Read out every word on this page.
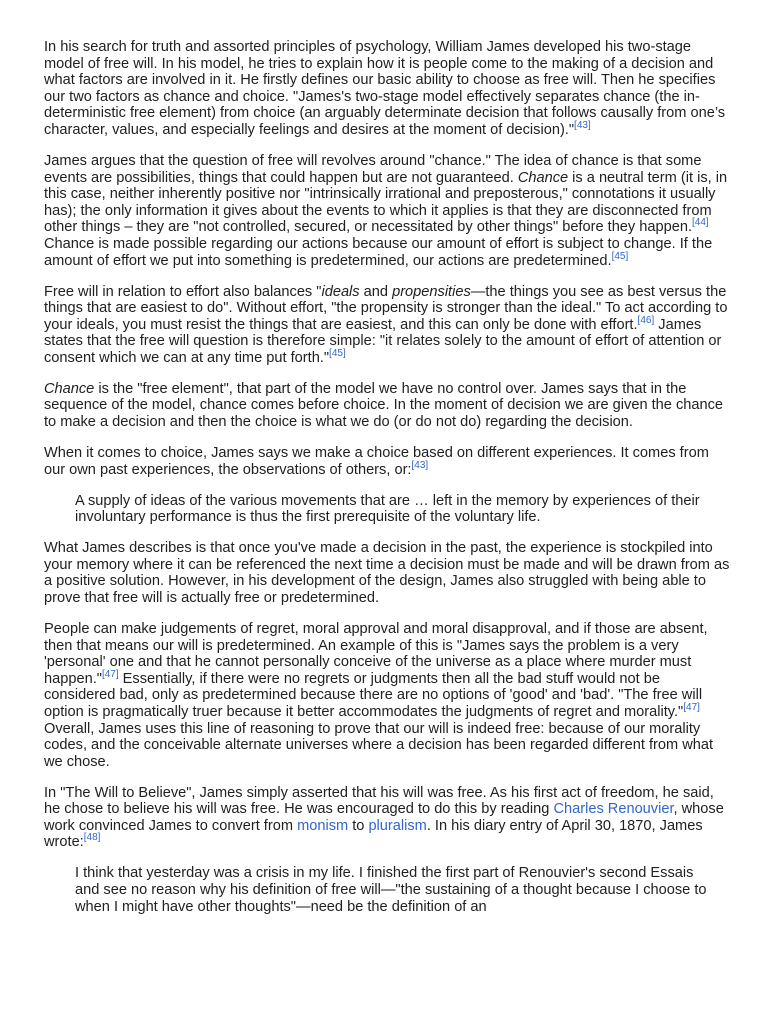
In his search for truth and assorted principles of psychology, William James developed his two-stage model of free will. In his model, he tries to explain how it is people come to the making of a decision and what factors are involved in it. He firstly defines our basic ability to choose as free will. Then he specifies our two factors as chance and choice. "James's two-stage model effectively separates chance (the in-deterministic free element) from choice (an arguably determinate decision that follows causally from one’s character, values, and especially feelings and desires at the moment of decision)."[43]

James argues that the question of free will revolves around "chance." The idea of chance is that some events are possibilities, things that could happen but are not guaranteed. Chance is a neutral term (it is, in this case, neither inherently positive nor "intrinsically irrational and preposterous," connotations it usually has); the only information it gives about the events to which it applies is that they are disconnected from other things – they are "not controlled, secured, or necessitated by other things" before they happen.[44] Chance is made possible regarding our actions because our amount of effort is subject to change. If the amount of effort we put into something is predetermined, our actions are predetermined.[45]

Free will in relation to effort also balances "ideals and propensities—the things you see as best versus the things that are easiest to do". Without effort, "the propensity is stronger than the ideal." To act according to your ideals, you must resist the things that are easiest, and this can only be done with effort.[46] James states that the free will question is therefore simple: "it relates solely to the amount of effort of attention or consent which we can at any time put forth."[45]

Chance is the "free element", that part of the model we have no control over. James says that in the sequence of the model, chance comes before choice. In the moment of decision we are given the chance to make a decision and then the choice is what we do (or do not do) regarding the decision.

When it comes to choice, James says we make a choice based on different experiences. It comes from our own past experiences, the observations of others, or:[43]

A supply of ideas of the various movements that are … left in the memory by experiences of their involuntary performance is thus the first prerequisite of the voluntary life.

What James describes is that once you've made a decision in the past, the experience is stockpiled into your memory where it can be referenced the next time a decision must be made and will be drawn from as a positive solution. However, in his development of the design, James also struggled with being able to prove that free will is actually free or predetermined.

People can make judgements of regret, moral approval and moral disapproval, and if those are absent, then that means our will is predetermined. An example of this is "James says the problem is a very 'personal' one and that he cannot personally conceive of the universe as a place where murder must happen."[47] Essentially, if there were no regrets or judgments then all the bad stuff would not be considered bad, only as predetermined because there are no options of 'good' and 'bad'. "The free will option is pragmatically truer because it better accommodates the judgments of regret and morality."[47] Overall, James uses this line of reasoning to prove that our will is indeed free: because of our morality codes, and the conceivable alternate universes where a decision has been regarded different from what we chose.

In "The Will to Believe", James simply asserted that his will was free. As his first act of freedom, he said, he chose to believe his will was free. He was encouraged to do this by reading Charles Renouvier, whose work convinced James to convert from monism to pluralism. In his diary entry of April 30, 1870, James wrote:[48]

I think that yesterday was a crisis in my life. I finished the first part of Renouvier's second Essais and see no reason why his definition of free will—"the sustaining of a thought because I choose to when I might have other thoughts"—need be the definition of an
